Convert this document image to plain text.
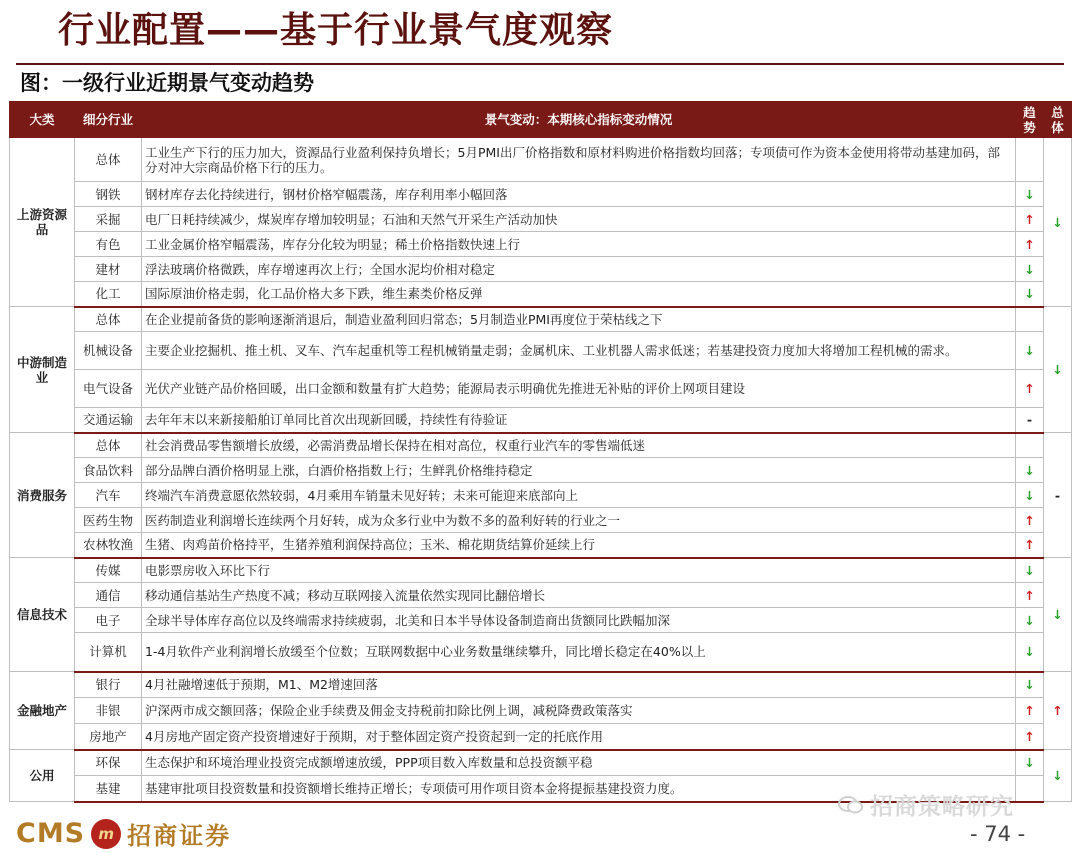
行业配置——基于行业景气度观察
图：一级行业近期景气变动趋势
大类	细分行业	景气变动：本期核心指标变动情况	趋势	总体
上游资源品	总体	工业生产下行的压力加大，资源品行业盈利保持负增长；5月PMI出厂价格指数和原材料购进价格指数均回落；专项债可作为资本金使用将带动基建加码，部分对冲大宗商品价格下行的压力。		↓
	钢铁	钢材库存去化持续进行，钢材价格窄幅震荡，库存利用率小幅回落	↓	
	采掘	电厂日耗持续减少，煤炭库存增加较明显；石油和天然气开采生产活动加快	↑	
	有色	工业金属价格窄幅震荡，库存分化较为明显；稀土价格指数快速上行	↑	
	建材	浮法玻璃价格微跌，库存增速再次上行；全国水泥均价相对稳定	↓	
	化工	国际原油价格走弱，化工品价格大多下跌，维生素类价格反弹	↓	
中游制造业	总体	在企业提前备货的影响逐渐消退后，制造业盈利回归常态；5月制造业PMI再度位于荣枯线之下		↓
	机械设备	主要企业挖掘机、推土机、叉车、汽车起重机等工程机械销量走弱；金属机床、工业机器人需求低迷；若基建投资力度加大将增加工程机械的需求。	↓	
	电气设备	光伏产业链产品价格回暖，出口金额和数量有扩大趋势；能源局表示明确优先推进无补贴的评价上网项目建设	↑	
	交通运输	去年年末以来新接船舶订单同比首次出现新回暖，持续性有待验证	-	
消费服务	总体	社会消费品零售额增长放缓，必需消费品增长保持在相对高位，权重行业汽车的零售端低迷		-
	食品饮料	部分品牌白酒价格明显上涨，白酒价格指数上行；生鲜乳价格维持稳定	↓	
	汽车	终端汽车消费意愿依然较弱，4月乘用车销量未见好转；未来可能迎来底部向上	↓	
	医药生物	医药制造业利润增长连续两个月好转，成为众多行业中为数不多的盈利好转的行业之一	↑	
	农林牧渔	生猪、肉鸡苗价格持平，生猪养殖利润保持高位；玉米、棉花期货结算价延续上行	↑	
信息技术	传媒	电影票房收入环比下行	↓	↓
	通信	移动通信基站生产热度不减；移动互联网接入流量依然实现同比翻倍增长	↑	
	电子	全球半导体库存高位以及终端需求持续疲弱，北美和日本半导体设备制造商出货额同比跌幅加深	↓	
	计算机	1-4月软件产业利润增长放缓至个位数；互联网数据中心业务数量继续攀升，同比增长稳定在40%以上	↓	
金融地产	银行	4月社融增速低于预期，M1、M2增速回落	↓	↑
	非银	沪深两市成交额回落；保险企业手续费及佣金支持税前扣除比例上调，减税降费政策落实	↑	
	房地产	4月房地产固定资产投资增速好于预期，对于整体固定资产投资起到一定的托底作用	↑	
公用	环保	生态保护和环境治理业投资完成额增速放缓，PPP项目数入库数量和总投资额平稳	↓	↓
	基建	基建审批项目投资数量和投资额增长维持正增长；专项债可用作项目资本金将提振基建投资力度。		
CMS m 招商证券
招商策略研究
- 74 -
